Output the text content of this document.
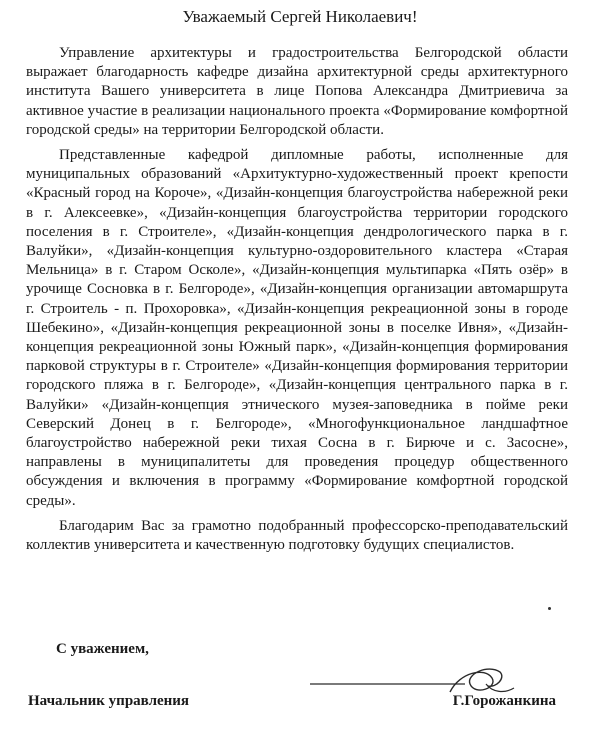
Уважаемый Сергей Николаевич!

Управление архитектуры и градостроительства Белгородской области выражает благодарность кафедре дизайна архитектурной среды архитектурного института Вашего университета в лице Попова Александра Дмитриевича за активное участие в реализации национального проекта «Формирование комфортной городской среды» на территории Белгородской области.

Представленные кафедрой дипломные работы, исполненные для муниципальных образований «Архитуктурно-художественный проект крепости «Красный город на Короче», «Дизайн-концепция благоустройства набережной реки в г. Алексеевке», «Дизайн-концепция благоустройства территории городского поселения в г. Строителе», «Дизайн-концепция дендрологического парка в г. Валуйки», «Дизайн-концепция культурно-оздоровительного кластера «Старая Мельница» в г. Старом Осколе», «Дизайн-концепция мультипарка «Пять озёр» в урочище Сосновка в г. Белгороде», «Дизайн-концепция организации автомаршрута г. Строитель - п. Прохоровка», «Дизайн-концепция рекреационной зоны в городе Шебекино», «Дизайн-концепция рекреационной зоны в поселке Ивня», «Дизайн-концепция рекреационной зоны Южный парк», «Дизайн-концепция формирования парковой структуры в г. Строителе» «Дизайн-концепция формирования территории городского пляжа в г. Белгороде», «Дизайн-концепция центрального парка в г. Валуйки» «Дизайн-концепция этнического музея-заповедника в пойме реки Северский Донец в г. Белгороде», «Многофункциональное ландшафтное благоустройство набережной реки тихая Сосна в г. Бирюче и с. Засосне», направлены в муниципалитеты для проведения процедур общественного обсуждения и включения в программу «Формирование комфортной городской среды».

Благодарим Вас за грамотно подобранный профессорско-преподавательский коллектив университета и качественную подготовку будущих специалистов.

С уважением,
Начальник управления	Г.Горожанкина
